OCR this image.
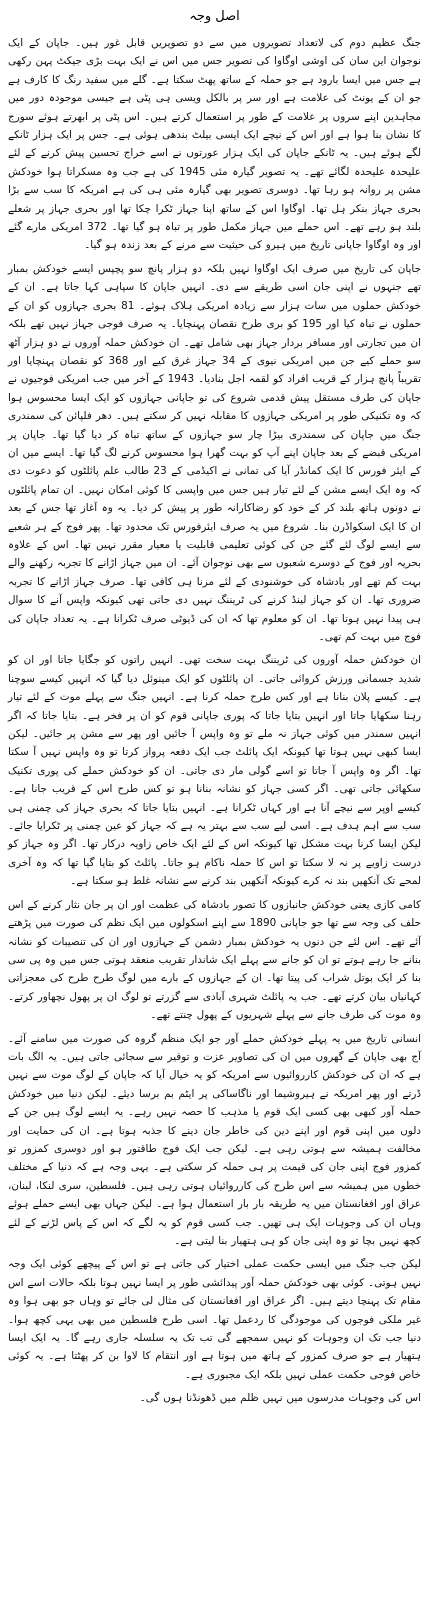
اصل وجہ
جنگ عظیم دوم کی لاتعداد تصویروں میں سے دو تصویریں قابل غور ہیں۔ جاپان کے ایک نوجوان این سان کی اوشی اوگاوا کی تصویر جس میں اس نے ایک بہت بڑی جیکٹ پہن رکھی ہے جس میں ایسا بارود ہے جو حملہ کے ساتھ پھٹ سکتا ہے۔ گلے میں سفید رنگ کا کارف ہے جو ان کے یونٹ کی علامت ہے اور سر پر بالکل ویسی ہی پٹی ہے جیسی موجودہ دور میں مجاہدین اپنے سروں پر علامت کے طور پر استعمال کرتے ہیں۔ اس پٹی پر ابھرتے ہوئے سورج کا نشان بنا ہوا ہے اور اس کے نیچے ایک ایسی بیلٹ بندھی ہوئی ہے۔ جس پر ایک ہزار ٹانکے لگے ہوئے ہیں۔ یہ ٹانکے جاپان کی ایک ہزار عورتوں نے اسے خراج تحسین پیش کرنے کے لئے علیحدہ علیحدہ لگائے تھے۔ یہ تصویر گیارہ مئی 1945 کی ہے جب وہ مسکراتا ہوا خودکش مشن پر روانہ ہو رہا تھا۔ دوسری تصویر بھی گیارہ مئی ہی کی ہے امریکہ کا سب سے بڑا بحری جہاز بنکر ہل تھا۔ اوگاوا اس کے ساتھ اپنا جہاز ٹکرا چکا تھا اور بحری جہاز پر شعلے بلند ہو رہے تھے۔ اس حملے میں جہاز مکمل طور پر تباہ ہو گیا تھا۔ 372 امریکی مارے گئے اور وہ اوگاوا جاپانی تاریخ میں ہیرو کی حیثیت سے مرنے کے بعد زندہ ہو گیا۔
جاپان کی تاریخ میں صرف ایک اوگاوا نہیں بلکہ دو ہزار پانچ سو پچپس ایسے خودکش بمبار تھے جنہوں نے اپنی جان اسی طریقے سے دی۔ انہیں جاپان کا سپاہی کہا جاتا ہے۔ ان کے خودکش حملوں میں سات ہزار سے زیادہ امریکی ہلاک ہوئے۔ 81 بحری جہازوں کو ان کے حملوں نے تباہ کیا اور 195 کو بری طرح نقصان پہنچایا۔ یہ صرف فوجی جہاز نہیں تھے بلکہ ان میں تجارتی اور مسافر بردار جہاز بھی شامل تھے۔ ان خودکش حملہ آوروں نے دو ہزار آٹھ سو حملے کیے جن میں امریکی نیوی کے 34 جہاز غرق کیے اور 368 کو نقصان پہنچایا اور تقریباً پانچ ہزار کے قریب افراد کو لقمہ اجل بنادیا۔ 1943 کے آخر میں جب امریکی فوجیوں نے جاپان کی طرف مستقل پیش قدمی شروع کی تو جاپانی جہازوں کو ایک ایسا محسوس ہوا کہ وہ تکنیکی طور پر امریکی جہازوں کا مقابلہ نہیں کر سکتے ہیں۔ دھر فلپائن کی سمندری جنگ میں جاپان کی سمندری بیڑا چار سو جہازوں کے ساتھ تباہ کر دیا گیا تھا۔ جاپان پر امریکی قبضے کے بعد جاپان اپنے آپ کو بہت گھرا ہوا محسوس کرنے لگ گیا تھا۔ ایسے میں ان کے ایئر فورس کا ایک کمانڈر آیا کی تمانی نے اکیڈمی کے 23 طالب علم پائلٹوں کو دعوت دی کہ وہ ایک ایسے مشن کے لئے تیار ہیں جس میں واپسی کا کوئی امکان نہیں۔ ان تمام پائلٹوں نے دونوں ہاتھ بلند کر کے خود کو رضاکارانہ طور پر پیش کر دیا۔ یہ وہ آغاز تھا جس کے بعد ان کا ایک اسکواڈرن بنا۔ شروع میں یہ صرف ایئرفورس تک محدود تھا۔ پھر فوج کے ہر شعبے سے ایسے لوگ لئے گئے جن کی کوئی تعلیمی قابلیت یا معیار مقرر نہیں تھا۔ اس کے علاوہ بحریہ اور فوج کے دوسرے شعبوں سے بھی نوجوان آئے۔ ان میں جہاز اڑانے کا تجربہ رکھنے والے بہت کم تھے اور بادشاہ کی خوشنودی کے لئے مرنا ہی کافی تھا۔ صرف جہاز اڑانے کا تجربہ ضروری تھا۔ ان کو جہاز لینڈ کرنے کی ٹریننگ نہیں دی جاتی تھی کیونکہ واپس آنے کا سوال ہی پیدا نہیں ہوتا تھا۔ ان کو معلوم تھا کہ ان کی ڈیوٹی صرف ٹکرانا ہے۔ یہ تعداد جاپان کی فوج میں بہت کم تھی۔
ان خودکش حملہ آوروں کی ٹریننگ بہت سخت تھی۔ انہیں راتوں کو جگایا جاتا اور ان کو شدید جسمانی ورزش کروائی جاتی۔ ان پائلٹوں کو ایک مینوئل دیا گیا کہ انہیں کیسے سوچنا ہے۔ کیسے پلان بنانا ہے اور کس طرح حملہ کرنا ہے۔ انہیں جنگ سے پہلے موت کے لئے تیار رہنا سکھایا جاتا اور انہیں بتایا جاتا کہ پوری جاپانی قوم کو ان پر فخر ہے۔ بتایا جاتا کہ اگر انہیں سمندر میں کوئی جہاز نہ ملے تو وہ واپس آ جائیں اور پھر سے مشن پر جائیں۔ لیکن ایسا کبھی نہیں ہوتا تھا کیونکہ ایک پائلٹ جب ایک دفعہ پرواز کرتا تو وہ واپس نہیں آ سکتا تھا۔ اگر وہ واپس آ جاتا تو اسے گولی مار دی جاتی۔ ان کو خودکش حملے کی پوری تکنیک سکھائی جاتی تھی۔ اگر کسی جہاز کو نشانہ بنانا ہو تو کس طرح اس کے قریب جانا ہے۔ کیسے اوپر سے نیچے آنا ہے اور کہاں ٹکرانا ہے۔ انہیں بتایا جاتا کہ بحری جہاز کی چمنی ہی سب سے اہم ہدف ہے۔ اسی لیے سب سے بہتر یہ ہے کہ جہاز کو عین چمنی پر ٹکرایا جائے۔ لیکن ایسا کرنا بہت مشکل تھا کیونکہ اس کے لئے ایک خاص زاویہ درکار تھا۔ اگر وہ جہاز کو درست زاویے پر نہ لا سکتا تو اس کا حملہ ناکام ہو جاتا۔ پائلٹ کو بتایا گیا تھا کہ وہ آخری لمحے تک آنکھیں بند نہ کرے کیونکہ آنکھیں بند کرنے سے نشانہ غلط ہو سکتا ہے۔
کامی کازی یعنی خودکش جانبازوں کا تصور بادشاہ کی عظمت اور ان پر جان نثار کرنے کے اس حلف کی وجہ سے تھا جو جاپانی 1890 سے اپنے اسکولوں میں ایک نظم کی صورت میں پڑھتے آئے تھے۔ اس لئے جن دنوں یہ خودکش بمبار دشمن کے جہازوں اور ان کی تنصیبات کو نشانہ بنانے جا رہے ہوتے تو ان کو جانے سے پہلے ایک شاندار تقریب منعقد ہوتی جس میں وہ پی سی بنا کر ایک بوتل شراب کی پیتا تھا۔ ان کے جہازوں کے بارے میں لوگ طرح طرح کی معجزاتی کہانیاں بیان کرتے تھے۔ جب یہ پائلٹ شہری آبادی سے گزرتے تو لوگ ان پر پھول نچھاور کرتے۔ وہ موت کی طرف جانے سے پہلے شہریوں کے پھول چنتے تھے۔
انسانی تاریخ میں یہ پہلے خودکش حملے آور جو ایک منظم گروہ کی صورت میں سامنے آئے۔ آج بھی جاپان کے گھروں میں ان کی تصاویر عزت و توقیر سے سجائی جاتی ہیں۔ یہ الگ بات ہے کہ ان کی خودکش کارروائیوں سے امریکہ کو یہ خیال آیا کہ جاپان کے لوگ موت سے نہیں ڈرتے اور پھر امریکہ نے ہیروشیما اور ناگاساکی پر ایٹم بم برسا دیئے۔ لیکن دنیا میں خودکش حملہ آور کبھی بھی کسی ایک قوم یا مذہب کا حصہ نہیں رہے۔ یہ ایسے لوگ ہیں جن کے دلوں میں اپنی قوم اور اپنے دین کی خاطر جان دینے کا جذبہ ہوتا ہے۔ ان کی حمایت اور مخالفت ہمیشہ سے ہوتی رہی ہے۔ لیکن جب ایک فوج طاقتور ہو اور دوسری کمزور تو کمزور فوج اپنی جان کی قیمت پر ہی حملہ کر سکتی ہے۔ یہی وجہ ہے کہ دنیا کے مختلف خطوں میں ہمیشہ سے اس طرح کی کارروائیاں ہوتی رہی ہیں۔ فلسطین، سری لنکا، لبنان، عراق اور افغانستان میں یہ طریقہ بار بار استعمال ہوا ہے۔ لیکن جہاں بھی ایسے حملے ہوئے وہاں ان کی وجوہات ایک ہی تھیں۔ جب کسی قوم کو یہ لگے کہ اس کے پاس لڑنے کے لئے کچھ نہیں بچا تو وہ اپنی جان کو ہی ہتھیار بنا لیتی ہے۔
لیکن جب جنگ میں ایسی حکمت عملی اختیار کی جاتی ہے تو اس کے پیچھے کوئی ایک وجہ نہیں ہوتی۔ کوئی بھی خودکش حملہ آور پیدائشی طور پر ایسا نہیں ہوتا بلکہ حالات اسے اس مقام تک پہنچا دیتے ہیں۔ اگر عراق اور افغانستان کی مثال لی جائے تو وہاں جو بھی ہوا وہ غیر ملکی فوجوں کی موجودگی کا ردعمل تھا۔ اسی طرح فلسطین میں بھی یہی کچھ ہوا۔ دنیا جب تک ان وجوہات کو نہیں سمجھے گی تب تک یہ سلسلہ جاری رہے گا۔ یہ ایک ایسا ہتھیار ہے جو صرف کمزور کے ہاتھ میں ہوتا ہے اور انتقام کا لاوا بن کر پھٹتا ہے۔ یہ کوئی خاص فوجی حکمت عملی نہیں بلکہ ایک مجبوری ہے۔
اس کی وجوہات مدرسوں میں نہیں ظلم میں ڈھونڈنا ہوں گی۔
